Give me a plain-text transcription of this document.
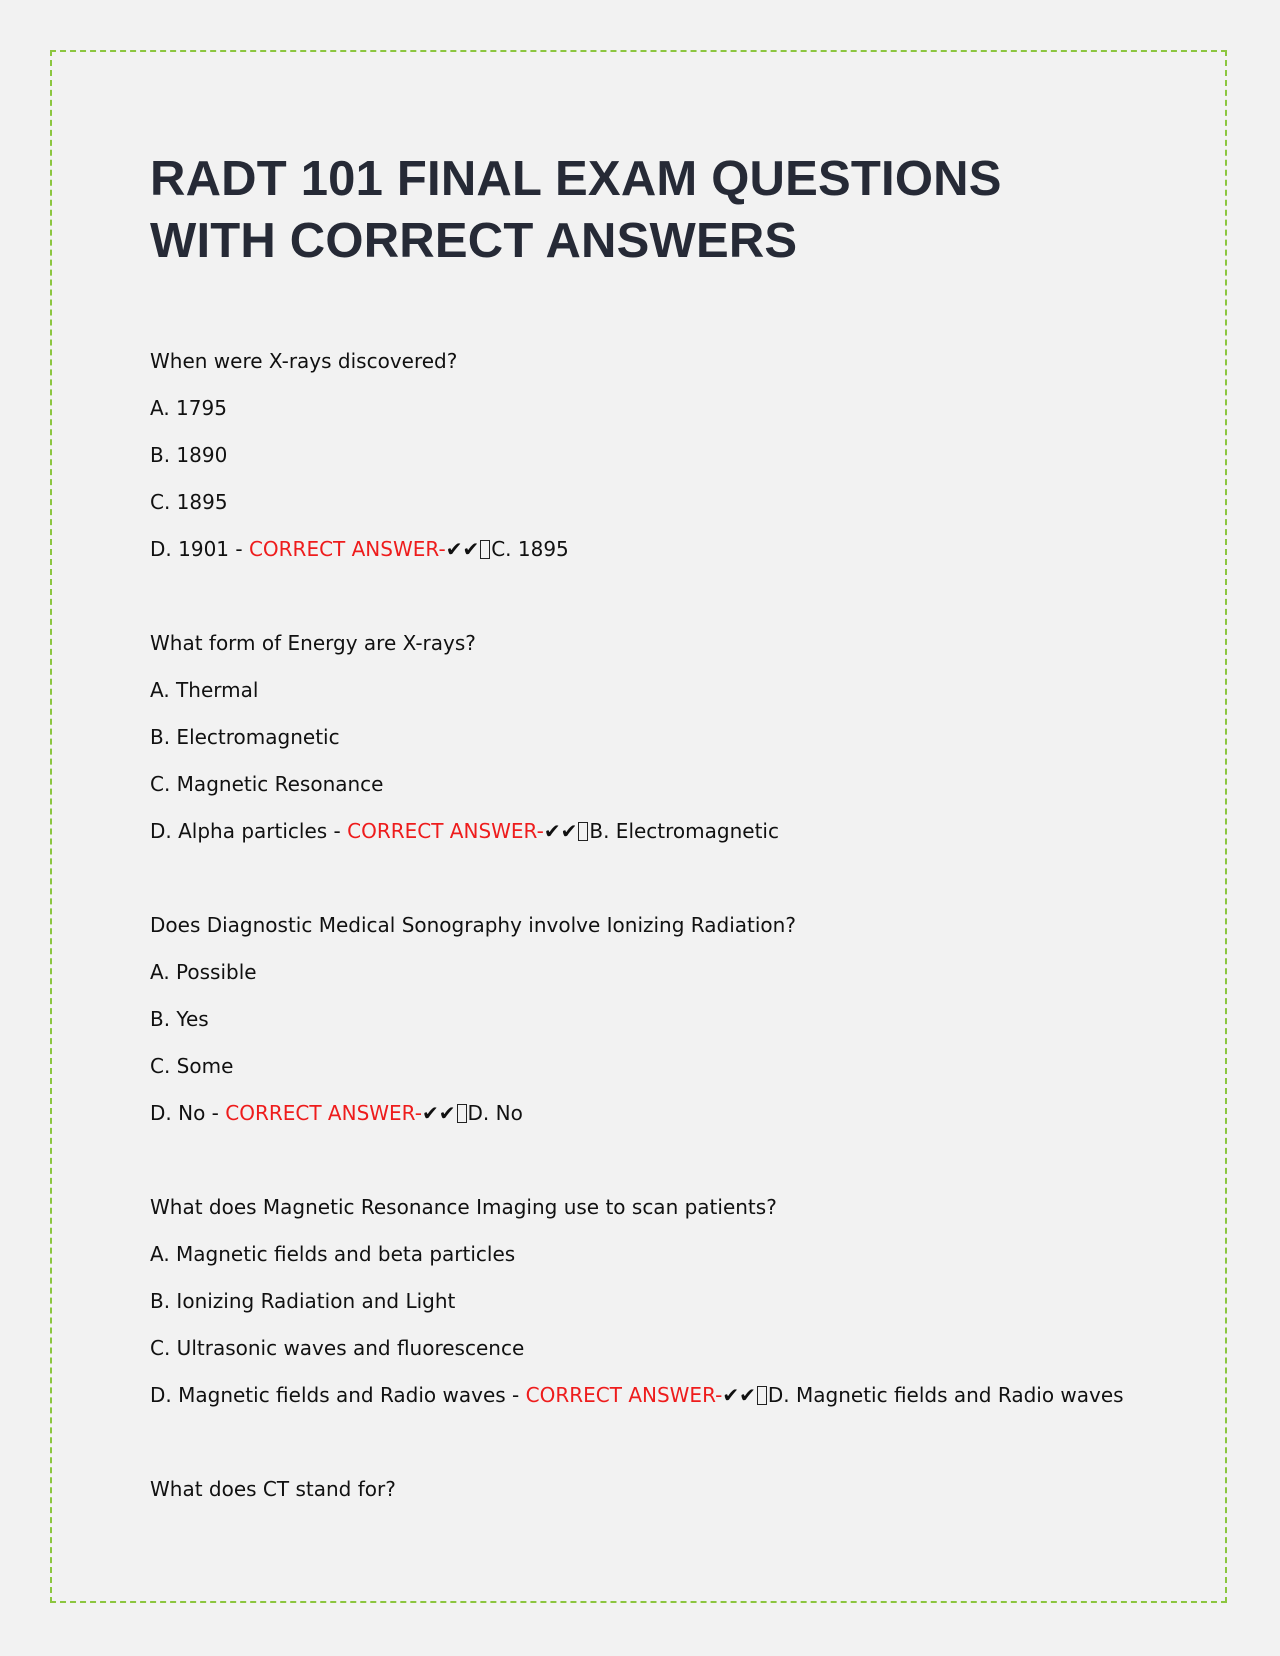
RADT 101 FINAL EXAM QUESTIONS
WITH CORRECT ANSWERS
When were X-rays discovered?
A. 1795
B. 1890
C. 1895
D. 1901 - CORRECT ANSWER-✔✔ C. 1895
What form of Energy are X-rays?
A. Thermal
B. Electromagnetic
C. Magnetic Resonance
D. Alpha particles - CORRECT ANSWER-✔✔ B. Electromagnetic
Does Diagnostic Medical Sonography involve Ionizing Radiation?
A. Possible
B. Yes
C. Some
D. No - CORRECT ANSWER-✔✔ D. No
What does Magnetic Resonance Imaging use to scan patients?
A. Magnetic fields and beta particles
B. Ionizing Radiation and Light
C. Ultrasonic waves and fluorescence
D. Magnetic fields and Radio waves - CORRECT ANSWER-✔✔ D. Magnetic fields and Radio waves
What does CT stand for?
